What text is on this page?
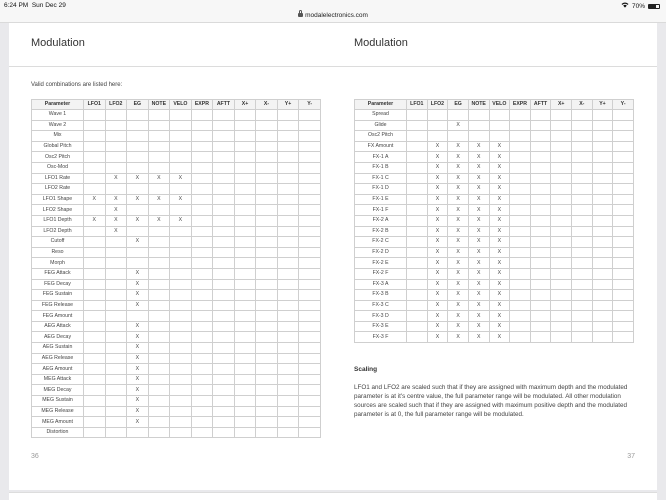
6:24 PM Sun Dec 29	70%
modalelectronics.com
Modulation
Valid combinations are listed here:
Parameter	LFO1	LFO2	EG	NOTE	VELO	EXPR	AFTT	X+	X-	Y+	Y-
Wave 1											
Wave 2											
Mix											
Global Pitch											
Osc2 Pitch											
Osc-Mod											
LFO1 Rate		X	X	X	X						
LFO2 Rate											
LFO1 Shape	X	X	X	X	X						
LFO2 Shape		X									
LFO1 Depth	X	X	X	X	X						
LFO2 Depth		X									
Cutoff			X								
Reso											
Morph											
FEG Attack			X								
FEG Decay			X								
FEG Sustain			X								
FEG Release			X								
FEG Amount											
AEG Attack			X								
AEG Decay			X								
AEG Sustain			X								
AEG Release			X								
AEG Amount			X								
MEG Attack			X								
MEG Decay			X								
MEG Sustain			X								
MEG Release			X								
MEG Amount			X								
Distortion											
36
Modulation
Parameter	LFO1	LFO2	EG	NOTE	VELO	EXPR	AFTT	X+	X-	Y+	Y-
Spread											
Glide			X								
Osc2 Pitch											
FX Amount		X	X	X	X						
FX-1 A		X	X	X	X						
FX-1 B		X	X	X	X						
FX-1 C		X	X	X	X						
FX-1 D		X	X	X	X						
FX-1 E		X	X	X	X						
FX-1 F		X	X	X	X						
FX-2 A		X	X	X	X						
FX-2 B		X	X	X	X						
FX-2 C		X	X	X	X						
FX-2 D		X	X	X	X						
FX-2 E		X	X	X	X						
FX-2 F		X	X	X	X						
FX-3 A		X	X	X	X						
FX-3 B		X	X	X	X						
FX-3 C		X	X	X	X						
FX-3 D		X	X	X	X						
FX-3 E		X	X	X	X						
FX-3 F		X	X	X	X						
Scaling
LFO1 and LFO2 are scaled such that if they are assigned with maximum depth and the modulated parameter is at it's centre value, the full parameter range will be modulated. All other modulation sources are scaled such that if they are assigned with maximum positive depth and the modulated parameter is at 0, the full parameter range will be modulated.
37
